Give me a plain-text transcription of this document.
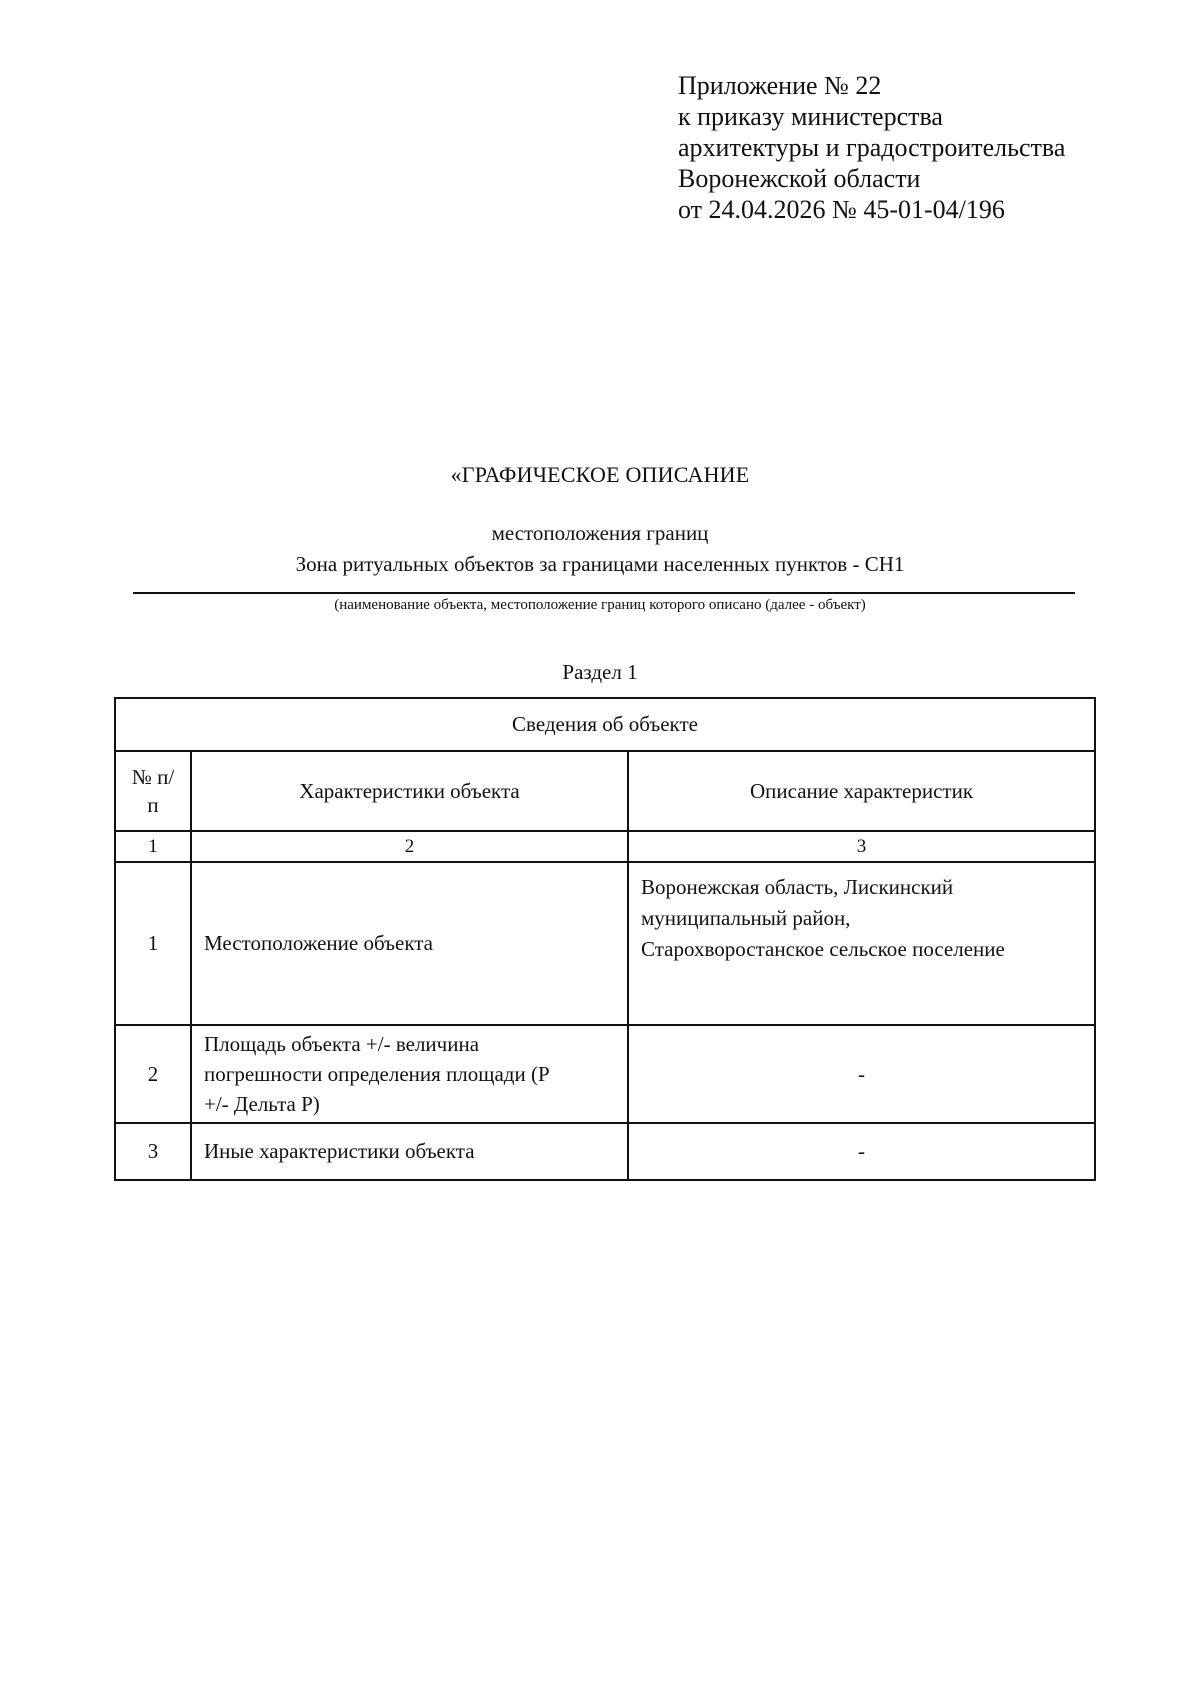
Приложение № 22
к приказу министерства
архитектуры и градостроительства
Воронежской области
от 24.04.2026 № 45-01-04/196
«ГРАФИЧЕСКОЕ ОПИСАНИЕ
местоположения границ
Зона ритуальных объектов за границами населенных пунктов - СН1
(наименование объекта, местоположение границ которого описано (далее - объект)
Раздел 1
Сведения об объекте		
№ п/п	Характеристики объекта	Описание характеристик
1	2	3
1	Местоположение объекта	Воронежская область, Лискинский
муниципальный район,
Старохворостанское сельское поселение

2	Площадь объекта +/- величина
погрешности определения площади (P
+/- Дельта P)	-
3	Иные характеристики объекта	-
